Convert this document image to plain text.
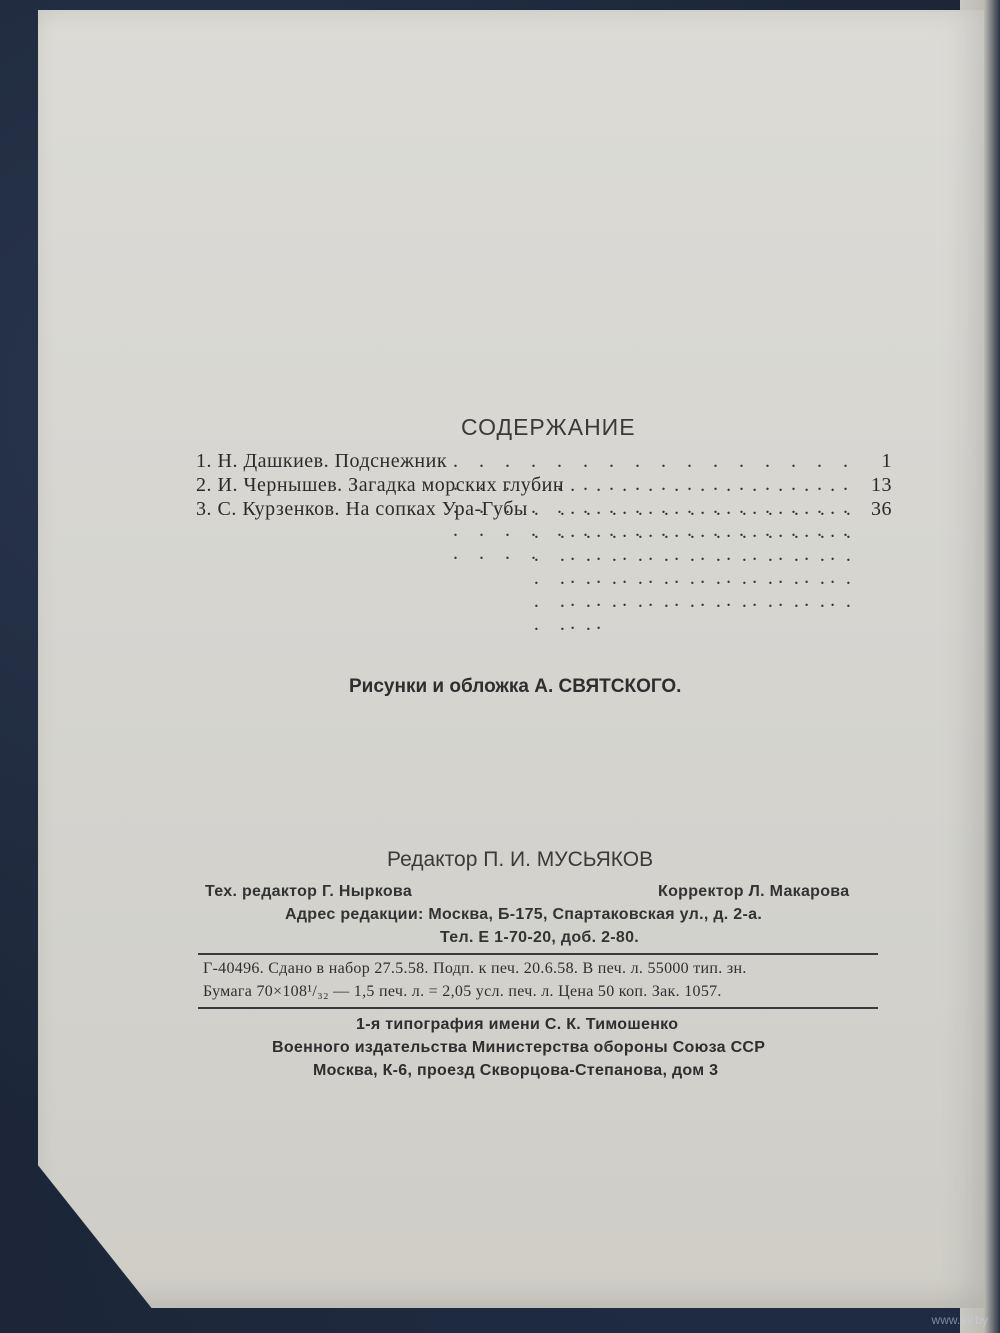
СОДЕРЖАНИЕ
1. Н. Дашкиев. Подснежник . . .	1
2. И. Чернышев. Загадка морских глубин . . .	13
3. С. Курзенков. На сопках Ура-Губы . . .	36
Рисунки и обложка А. СВЯТСКОГО.
Редактор П. И. МУСЬЯКОВ
Тех. редактор Г. Ныркова	Корректор Л. Макарова
Адрес редакции: Москва, Б-175, Спартаковская ул., д. 2-а.
Тел. Е 1-70-20, доб. 2-80.
Г-40496. Сдано в набор 27.5.58. Подп. к печ. 20.6.58. В печ. л. 55000 тип. зн.
Бумага 70×108¹/₃₂ — 1,5 печ. л. = 2,05 усл. печ. л. Цена 50 коп. Зак. 1057.
1-я типография имени С. К. Тимошенко
Военного издательства Министерства обороны Союза ССР
Москва, К-6, проезд Скворцова-Степанова, дом 3
www.ay.by
